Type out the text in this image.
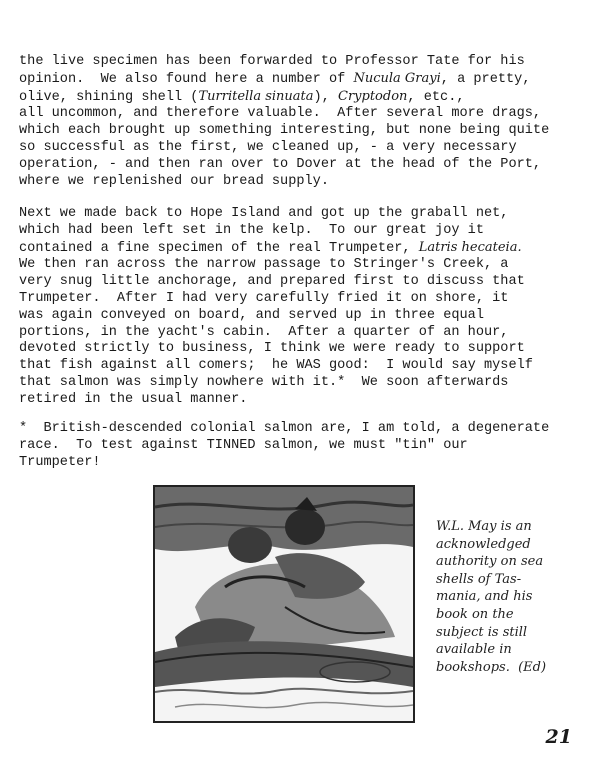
the live specimen has been forwarded to Professor Tate for his
opinion.  We also found here a number of Nucula Grayi, a pretty,
olive, shining shell (Turritella sinuata), Cryptodon, etc.,
all uncommon, and therefore valuable.  After several more drags,
which each brought up something interesting, but none being quite
so successful as the first, we cleaned up, - a very necessary
operation, - and then ran over to Dover at the head of the Port,
where we replenished our bread supply.
Next we made back to Hope Island and got up the graball net,
which had been left set in the kelp.  To our great joy it
contained a fine specimen of the real Trumpeter, Latris hecateia.
We then ran across the narrow passage to Stringer's Creek, a
very snug little anchorage, and prepared first to discuss that
Trumpeter.  After I had very carefully fried it on shore, it
was again conveyed on board, and served up in three equal
portions, in the yacht's cabin.  After a quarter of an hour,
devoted strictly to business, I think we were ready to support
that fish against all comers;  he WAS good:  I would say myself
that salmon was simply nowhere with it.*  We soon afterwards
retired in the usual manner.
*  British-descended colonial salmon are, I am told, a degenerate
race.  To test against TINNED salmon, we must "tin" our
Trumpeter!
W.L. May is an
acknowledged
authority on sea
shells of Tas-
mania, and his
book on the
subject is still
available in
bookshops.  (Ed)
21
